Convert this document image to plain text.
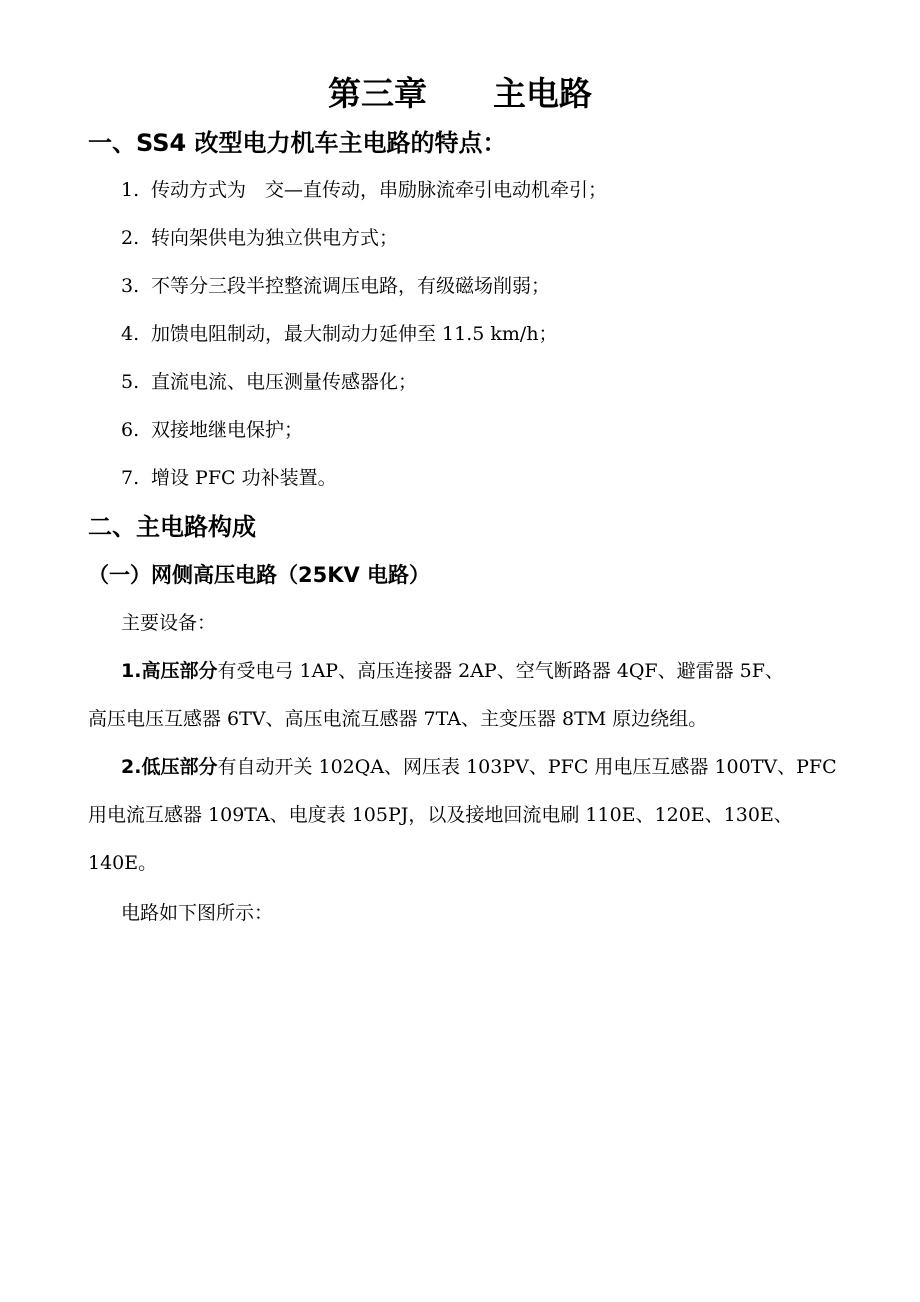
第三章　　主电路
一、SS4 改型电力机车主电路的特点：
1. 传动方式为　交—直传动，串励脉流牵引电动机牵引；
2. 转向架供电为独立供电方式；
3. 不等分三段半控整流调压电路，有级磁场削弱；
4. 加馈电阻制动，最大制动力延伸至 11.5 km/h；
5. 直流电流、电压测量传感器化；
6. 双接地继电保护；
7. 增设 PFC 功补装置。
二、主电路构成
（一）网侧高压电路（25KV 电路）
主要设备：
1.高压部分有受电弓 1AP、高压连接器 2AP、空气断路器 4QF、避雷器 5F、
高压电压互感器 6TV、高压电流互感器 7TA、主变压器 8TM 原边绕组。
2.低压部分有自动开关 102QA、网压表 103PV、PFC 用电压互感器 100TV、PFC
用电流互感器 109TA、电度表 105PJ，以及接地回流电刷 110E、120E、130E、
140E。
电路如下图所示：
